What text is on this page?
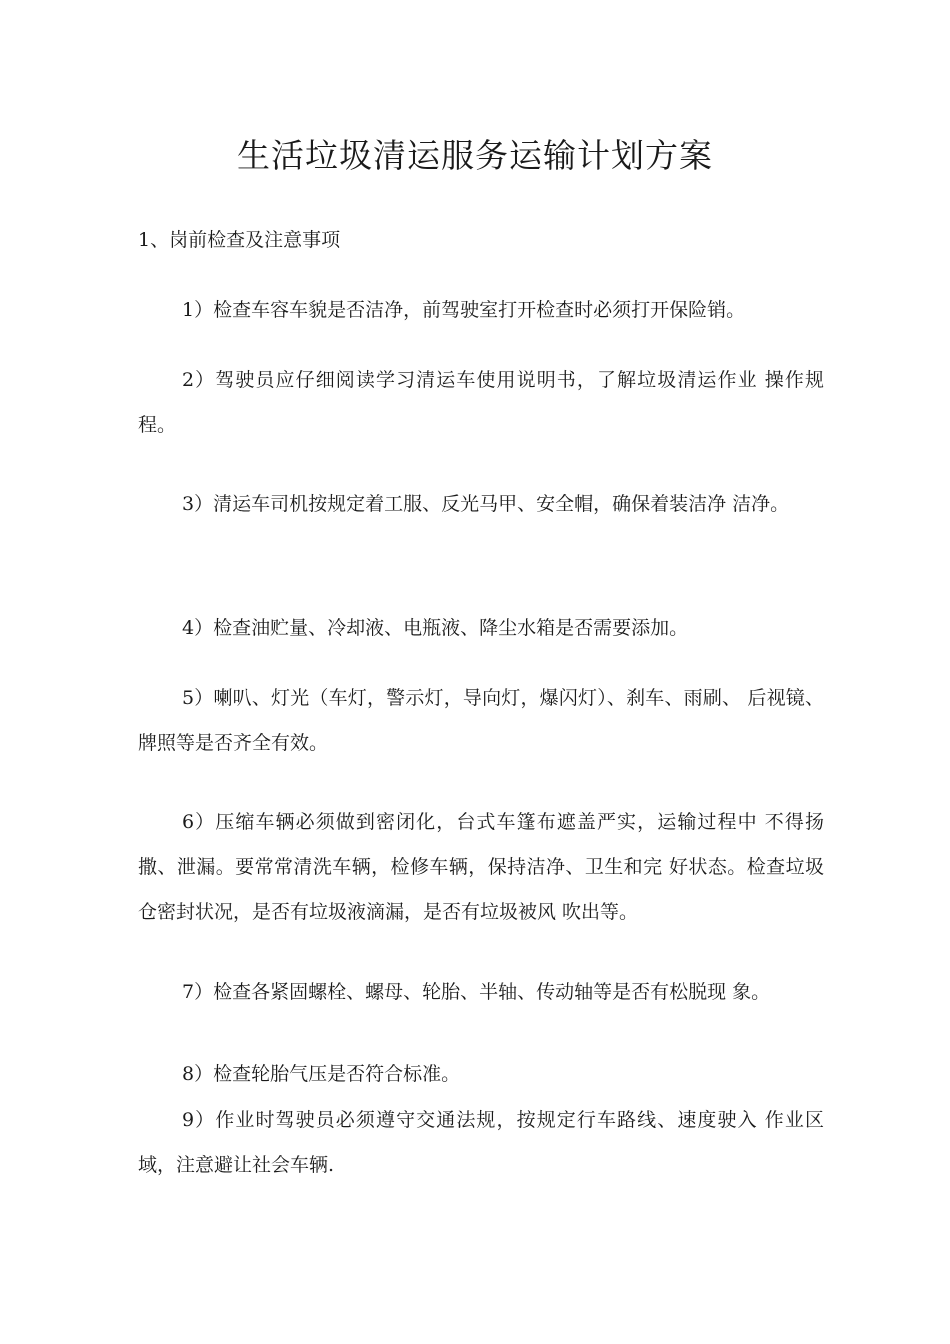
生活垃圾清运服务运输计划方案
1、岗前检查及注意事项

1）检查车容车貌是否洁净，前驾驶室打开检查时必须打开保险销。

2）驾驶员应仔细阅读学习清运车使用说明书，了解垃圾清运作业 操作规程。

3）清运车司机按规定着工服、反光马甲、安全帽，确保着装洁净 洁净。

4）检查油贮量、冷却液、电瓶液、降尘水箱是否需要添加。

5）喇叭、灯光（车灯，警示灯，导向灯，爆闪灯）、刹车、雨刷、 后视镜、牌照等是否齐全有效。

6）压缩车辆必须做到密闭化，台式车篷布遮盖严实，运输过程中 不得扬撒、泄漏。要常常清洗车辆，检修车辆，保持洁净、卫生和完 好状态。检查垃圾仓密封状况，是否有垃圾液滴漏，是否有垃圾被风 吹出等。

7）检查各紧固螺栓、螺母、轮胎、半轴、传动轴等是否有松脱现 象。

8）检查轮胎气压是否符合标准。

9）作业时驾驶员必须遵守交通法规，按规定行车路线、速度驶入 作业区域，注意避让社会车辆.
